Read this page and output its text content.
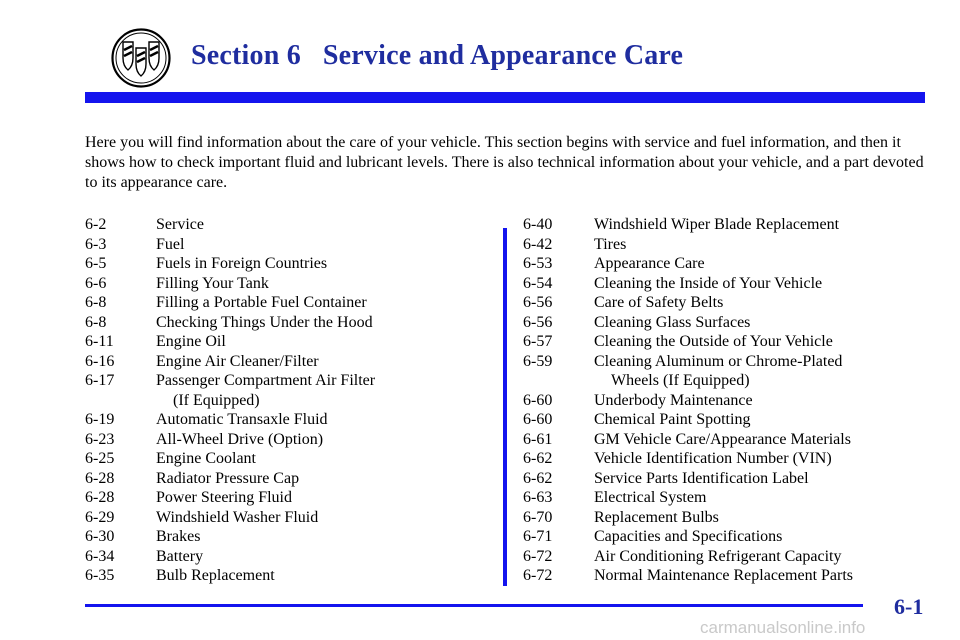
Section 6 Service and Appearance Care

Here you will find information about the care of your vehicle. This section begins with service and fuel information, and then it shows how to check important fluid and lubricant levels. There is also technical information about your vehicle, and a part devoted to its appearance care.

6-2	Service
6-3	Fuel
6-5	Fuels in Foreign Countries
6-6	Filling Your Tank
6-8	Filling a Portable Fuel Container
6-8	Checking Things Under the Hood
6-11	Engine Oil
6-16	Engine Air Cleaner/Filter
6-17	Passenger Compartment Air Filter
(If Equipped)
6-19	Automatic Transaxle Fluid
6-23	All-Wheel Drive (Option)
6-25	Engine Coolant
6-28	Radiator Pressure Cap
6-28	Power Steering Fluid
6-29	Windshield Washer Fluid
6-30	Brakes
6-34	Battery
6-35	Bulb Replacement
6-40	Windshield Wiper Blade Replacement
6-42	Tires
6-53	Appearance Care
6-54	Cleaning the Inside of Your Vehicle
6-56	Care of Safety Belts
6-56	Cleaning Glass Surfaces
6-57	Cleaning the Outside of Your Vehicle
6-59	Cleaning Aluminum or Chrome-Plated
Wheels (If Equipped)
6-60	Underbody Maintenance
6-60	Chemical Paint Spotting
6-61	GM Vehicle Care/Appearance Materials
6-62	Vehicle Identification Number (VIN)
6-62	Service Parts Identification Label
6-63	Electrical System
6-70	Replacement Bulbs
6-71	Capacities and Specifications
6-72	Air Conditioning Refrigerant Capacity
6-72	Normal Maintenance Replacement Parts
6-1
carmanualsonline.info
